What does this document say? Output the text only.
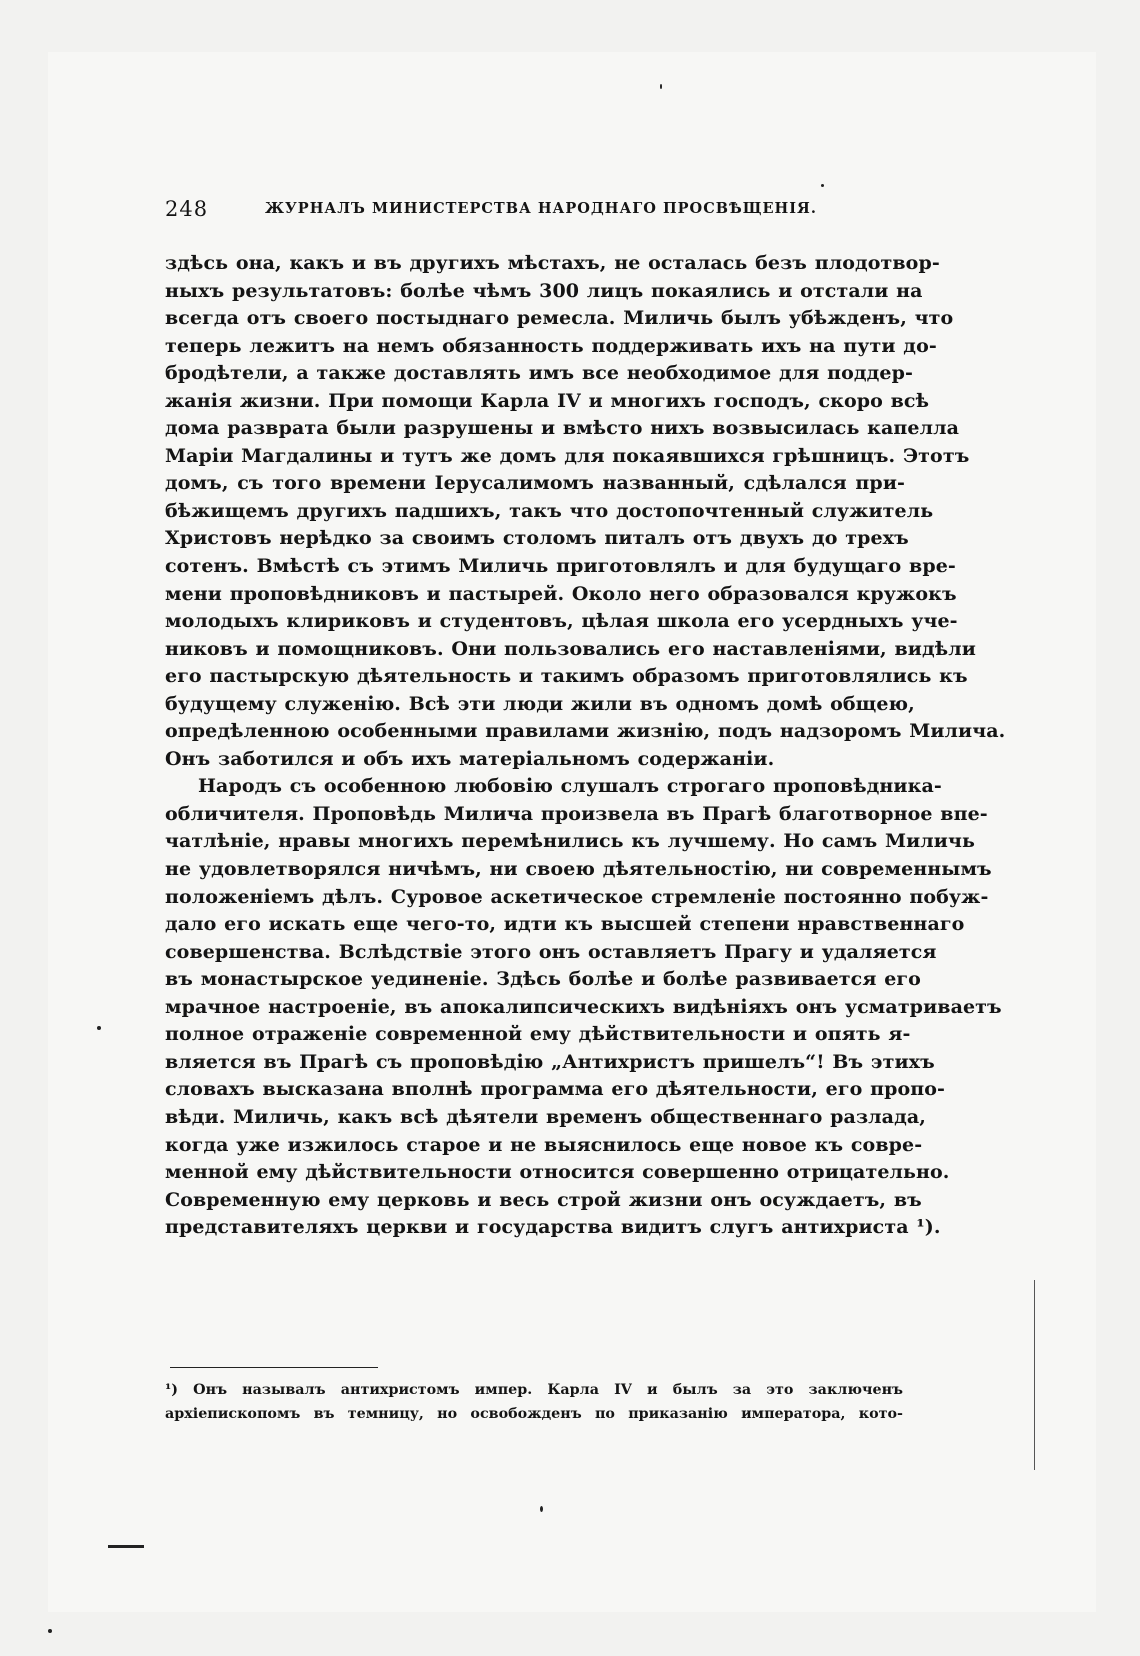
248	ЖУРНАЛЪ МИНИСТЕРСТВА НАРОДНАГО ПРОСВѢЩЕНІЯ.

здѣсь она, какъ и въ другихъ мѣстахъ, не осталась безъ плодотвор-
ныхъ результатовъ: болѣе чѣмъ 300 лицъ покаялись и отстали на
всегда отъ своего постыднаго ремесла. Миличь былъ убѣжденъ, что
теперь лежитъ на немъ обязанность поддерживать ихъ на пути до-
бродѣтели, а также доставлять имъ все необходимое для поддер-
жанія жизни. При помощи Карла IV и многихъ господъ, скоро всѣ
дома разврата были разрушены и вмѣсто нихъ возвысилась капелла
Маріи Магдалины и тутъ же домъ для покаявшихся грѣшницъ. Этотъ
домъ, съ того времени Іерусалимомъ названный, сдѣлался при-
бѣжищемъ другихъ падшихъ, такъ что достопочтенный служитель
Христовъ нерѣдко за своимъ столомъ питалъ отъ двухъ до трехъ
сотенъ. Вмѣстѣ съ этимъ Миличь приготовлялъ и для будущаго вре-
мени проповѣдниковъ и пастырей. Около него образовался кружокъ
молодыхъ клириковъ и студентовъ, цѣлая школа его усердныхъ уче-
никовъ и помощниковъ. Они пользовались его наставленіями, видѣли
его пастырскую дѣятельность и такимъ образомъ приготовлялись къ
будущему служенію. Всѣ эти люди жили въ одномъ домѣ общею,
опредѣленною особенными правилами жизнію, подъ надзоромъ Милича.
Онъ заботился и объ ихъ матеріальномъ содержаніи.

Народъ съ особенною любовію слушалъ строгаго проповѣдника-
обличителя. Проповѣдь Милича произвела въ Прагѣ благотворное впе-
чатлѣніе, нравы многихъ перемѣнились къ лучшему. Но самъ Миличь
не удовлетворялся ничѣмъ, ни своею дѣятельностію, ни современнымъ
положеніемъ дѣлъ. Суровое аскетическое стремленіе постоянно побуж-
дало его искать еще чего-то, идти къ высшей степени нравственнаго
совершенства. Вслѣдствіе этого онъ оставляетъ Прагу и удаляется
въ монастырское уединеніе. Здѣсь болѣе и болѣе развивается его
мрачное настроеніе, въ апокалипсическихъ видѣніяхъ онъ усматриваетъ
полное отраженіе современной ему дѣйствительности и опять я-
вляется въ Прагѣ съ проповѣдію „Антихристъ пришелъ“! Въ этихъ
словахъ высказана вполнѣ программа его дѣятельности, его пропо-
вѣди. Миличь, какъ всѣ дѣятели временъ общественнаго разлада,
когда уже изжилось старое и не выяснилось еще новое къ совре-
менной ему дѣйствительности относится совершенно отрицательно.
Современную ему церковь и весь строй жизни онъ осуждаетъ, въ
представителяхъ церкви и государства видитъ слугъ антихриста ¹).

¹) Онъ называлъ антихристомъ импер. Карла IV и былъ за это заключенъ
архіепископомъ въ темницу, но освобожденъ по приказанію императора, кото-
